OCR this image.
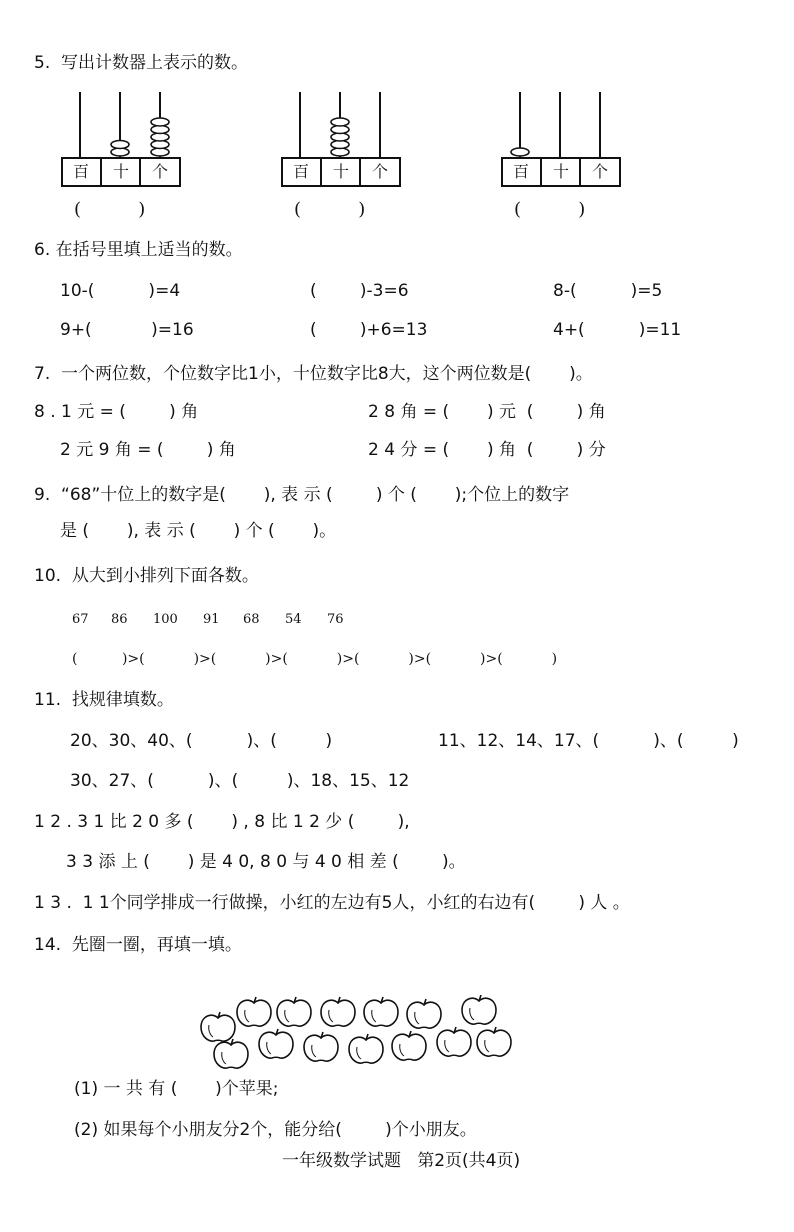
5.  写出计数器上表示的数。
百 十 个
(          )
百 十 个
(          )
百 十 个
(          )
6. 在括号里填上适当的数。
10-(          )=4	(        )-3=6	8-(          )=5
9+(           )=16	(        )+6=13	4+(          )=11
7.  一个两位数，个位数字比1小，十位数字比8大，这个两位数是(       )。
8 . 1 元 = (        ) 角	2 8 角 = (       ) 元  (        ) 角
2 元 9 角 = (        ) 角	2 4 分 = (       ) 角  (        ) 分
9.  “68”十位上的数字是(       ), 表 示 (        ) 个 (       );个位上的数字
是 (       ), 表 示 (       ) 个 (       )。
10.  从大到小排列下面各数。
67 86 100 91 68 54 76
(          )>(           )>(           )>(           )>(           )>(           )>(           )
11.  找规律填数。
20、30、40、(          )、(         )	11、12、14、17、(          )、(         )
30、27、(          )、(         )、18、15、12
1 2 . 3 1 比 2 0 多 (       ) , 8 比 1 2 少 (        ),
3 3 添 上 (       ) 是 4 0, 8 0 与 4 0 相 差 (        )。
1 3 .  1 1个同学排成一行做操，小红的左边有5人，小红的右边有(        ) 人 。
14.  先圈一圈，再填一填。

(1) 一 共 有 (       )个苹果;
(2) 如果每个小朋友分2个，能分给(        )个小朋友。
一年级数学试题   第2页(共4页)
